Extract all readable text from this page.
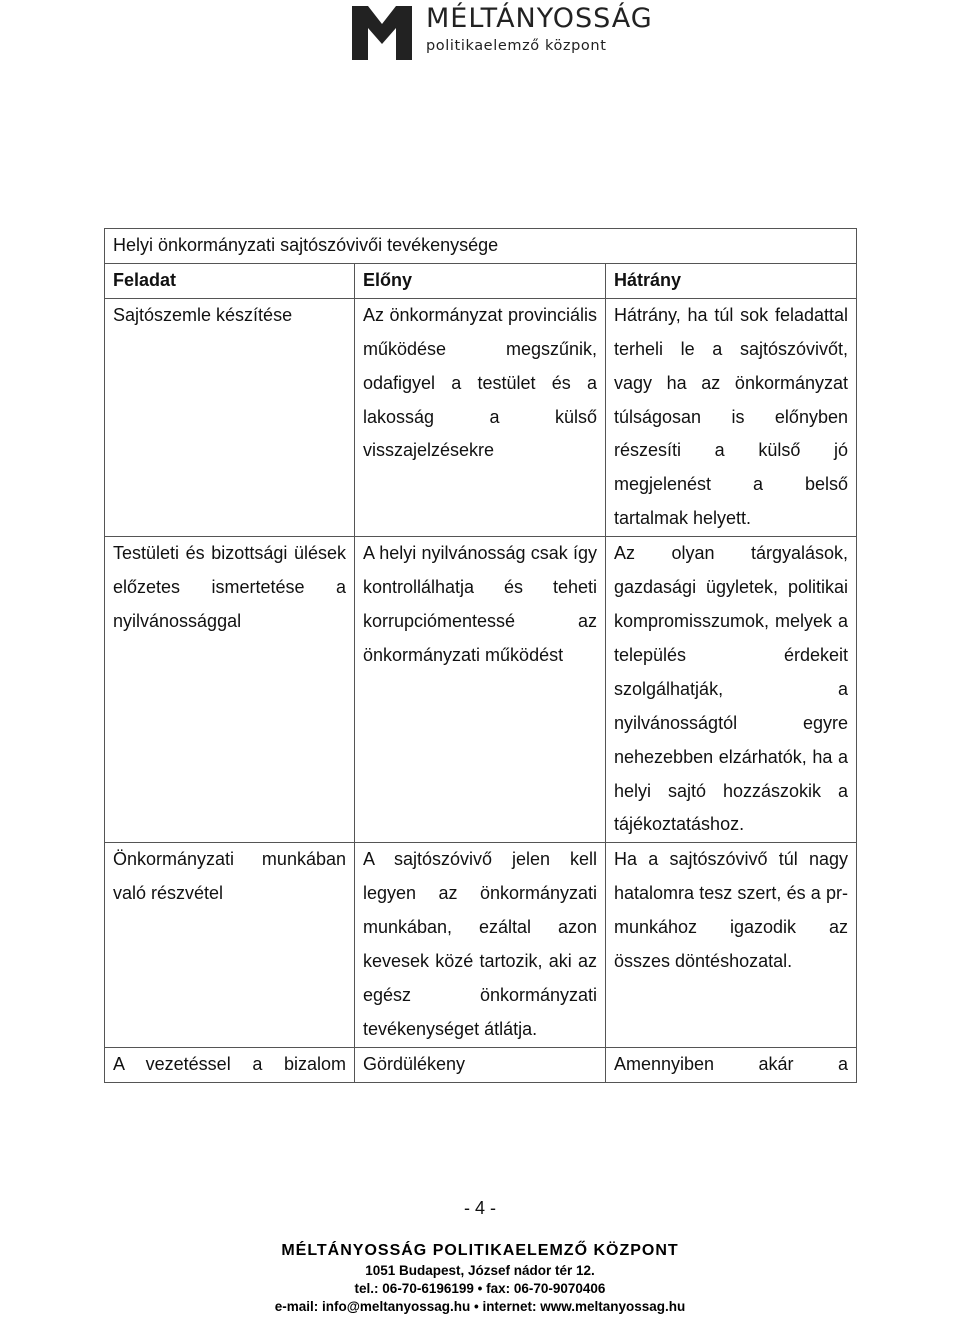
MÉLTÁNYOSSÁG
politikaelemző központ
Helyi önkormányzati sajtószóvivői tevékenysége		
Feladat	Előny	Hátrány
Sajtószemle készítése	Az önkormányzat provinciális működése megszűnik, odafigyel a testület és a lakosság a külső visszajelzésekre	Hátrány, ha túl sok feladattal terheli le a sajtószóvivőt, vagy ha az önkormányzat túlságosan is előnyben részesíti a külső jó megjelenést a belső tartalmak helyett.
Testületi és bizottsági ülések előzetes ismertetése a nyilvánossággal	A helyi nyilvánosság csak így kontrollálhatja és teheti korrupciómentessé az önkormányzati működést	Az olyan tárgyalások, gazdasági ügyletek, politikai kompromisszumok, melyek a település érdekeit szolgálhatják, a nyilvánosságtól egyre nehezebben elzárhatók, ha a helyi sajtó hozzászokik a tájékoztatáshoz.
Önkormányzati munkában való részvétel	A sajtószóvivő jelen kell legyen az önkormányzati munkában, ezáltal azon kevesek közé tartozik, aki az egész önkormányzati tevékenységet átlátja.	Ha a sajtószóvivő túl nagy hatalomra tesz szert, és a pr-munkához igazodik az összes döntéshozatal.
A vezetéssel a bizalom	Gördülékeny	Amennyiben akár a
- 4 -
MÉLTÁNYOSSÁG POLITIKAELEMZŐ KÖZPONT
1051 Budapest, József nádor tér 12.
tel.: 06-70-6196199 • fax: 06-70-9070406
e-mail: info@meltanyossag.hu • internet: www.meltanyossag.hu
